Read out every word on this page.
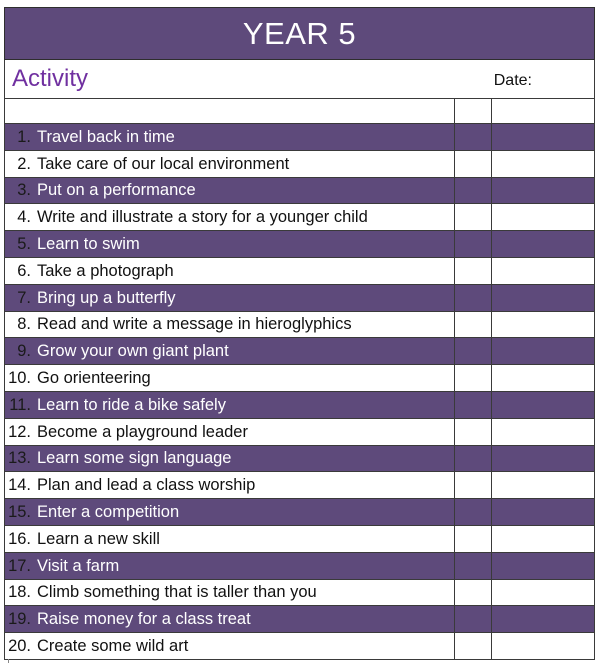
YEAR 5		
Activity Date:		

1. Travel back in time		
2. Take care of our local environment		
3. Put on a performance		
4. Write and illustrate a story for a younger child		
5. Learn to swim		
6. Take a photograph		
7. Bring up a butterfly		
8. Read and write a message in hieroglyphics		
9. Grow your own giant plant		
10. Go orienteering		
11. Learn to ride a bike safely		
12. Become a playground leader		
13. Learn some sign language		
14. Plan and lead a class worship		
15. Enter a competition		
16. Learn a new skill		
17. Visit a farm		
18. Climb something that is taller than you		
19. Raise money for a class treat		
20. Create some wild art		
